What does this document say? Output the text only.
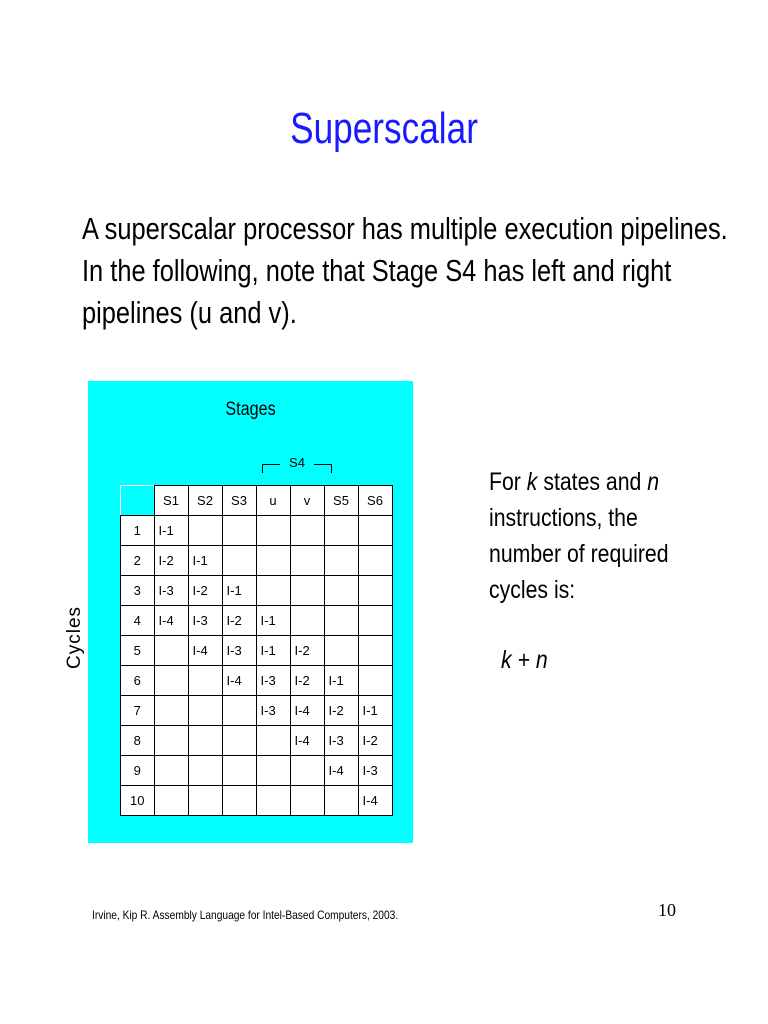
Superscalar
A superscalar processor has multiple execution pipelines.
In the following, note that Stage S4 has left and right
pipelines (u and v).
Stages
S4
Cycles
	S1	S2	S3	u	v	S5	S6
1	I-1						
2	I-2	I-1					
3	I-3	I-2	I-1				
4	I-4	I-3	I-2	I-1			
5		I-4	I-3	I-1	I-2		
6			I-4	I-3	I-2	I-1	
7				I-3	I-4	I-2	I-1
8					I-4	I-3	I-2
9						I-4	I-3
10							I-4
For k states and n
instructions, the
number of required
cycles is:
k + n
Irvine, Kip R. Assembly Language for Intel-Based Computers, 2003.	10
